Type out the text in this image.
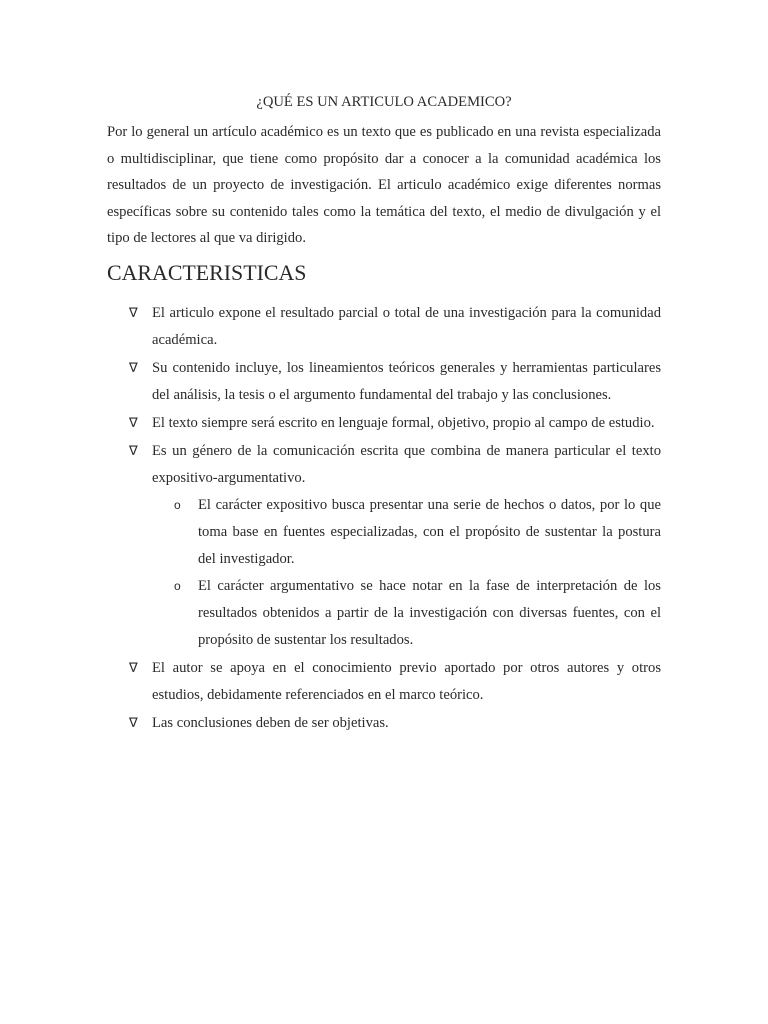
¿QUÉ ES UN ARTICULO ACADEMICO?

Por lo general un artículo académico es un texto que es publicado en una revista especializada o multidisciplinar, que tiene como propósito dar a conocer a la comunidad académica los resultados de un proyecto de investigación. El articulo académico exige diferentes normas específicas sobre su contenido tales como la temática del texto, el medio de divulgación y el tipo de lectores al que va dirigido.

CARACTERISTICAS
∇ El articulo expone el resultado parcial o total de una investigación para la comunidad académica.
∇ Su contenido incluye, los lineamientos teóricos generales y herramientas particulares del análisis, la tesis o el argumento fundamental del trabajo y las conclusiones.
∇ El texto siempre será escrito en lenguaje formal, objetivo, propio al campo de estudio.
∇ Es un género de la comunicación escrita que combina de manera particular el texto expositivo-argumentativo.
o El carácter expositivo busca presentar una serie de hechos o datos, por lo que toma base en fuentes especializadas, con el propósito de sustentar la postura del investigador.
o El carácter argumentativo se hace notar en la fase de interpretación de los resultados obtenidos a partir de la investigación con diversas fuentes, con el propósito de sustentar los resultados.
∇ El autor se apoya en el conocimiento previo aportado por otros autores y otros estudios, debidamente referenciados en el marco teórico.
∇ Las conclusiones deben de ser objetivas.
